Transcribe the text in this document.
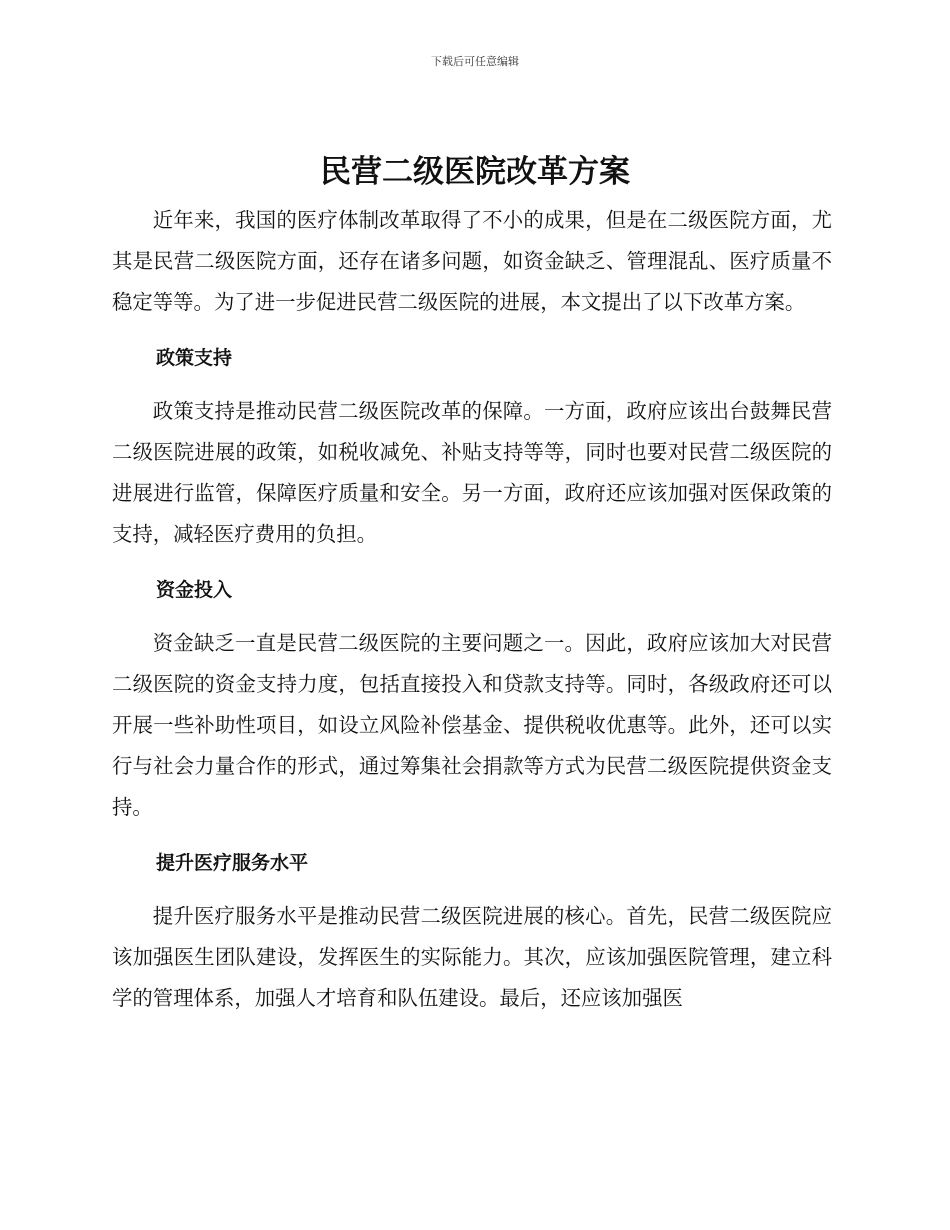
下载后可任意编辑
民营二级医院改革方案

近年来，我国的医疗体制改革取得了不小的成果，但是在二级医院方面，尤其是民营二级医院方面，还存在诸多问题，如资金缺乏、管理混乱、医疗质量不稳定等等。为了进一步促进民营二级医院的进展，本文提出了以下改革方案。

政策支持

政策支持是推动民营二级医院改革的保障。一方面，政府应该出台鼓舞民营二级医院进展的政策，如税收减免、补贴支持等等，同时也要对民营二级医院的进展进行监管，保障医疗质量和安全。另一方面，政府还应该加强对医保政策的支持，减轻医疗费用的负担。

资金投入

资金缺乏一直是民营二级医院的主要问题之一。因此，政府应该加大对民营二级医院的资金支持力度，包括直接投入和贷款支持等。同时，各级政府还可以开展一些补助性项目，如设立风险补偿基金、提供税收优惠等。此外，还可以实行与社会力量合作的形式，通过筹集社会捐款等方式为民营二级医院提供资金支持。

提升医疗服务水平

提升医疗服务水平是推动民营二级医院进展的核心。首先，民营二级医院应该加强医生团队建设，发挥医生的实际能力。其次，应该加强医院管理，建立科学的管理体系，加强人才培育和队伍建设。最后，还应该加强医
